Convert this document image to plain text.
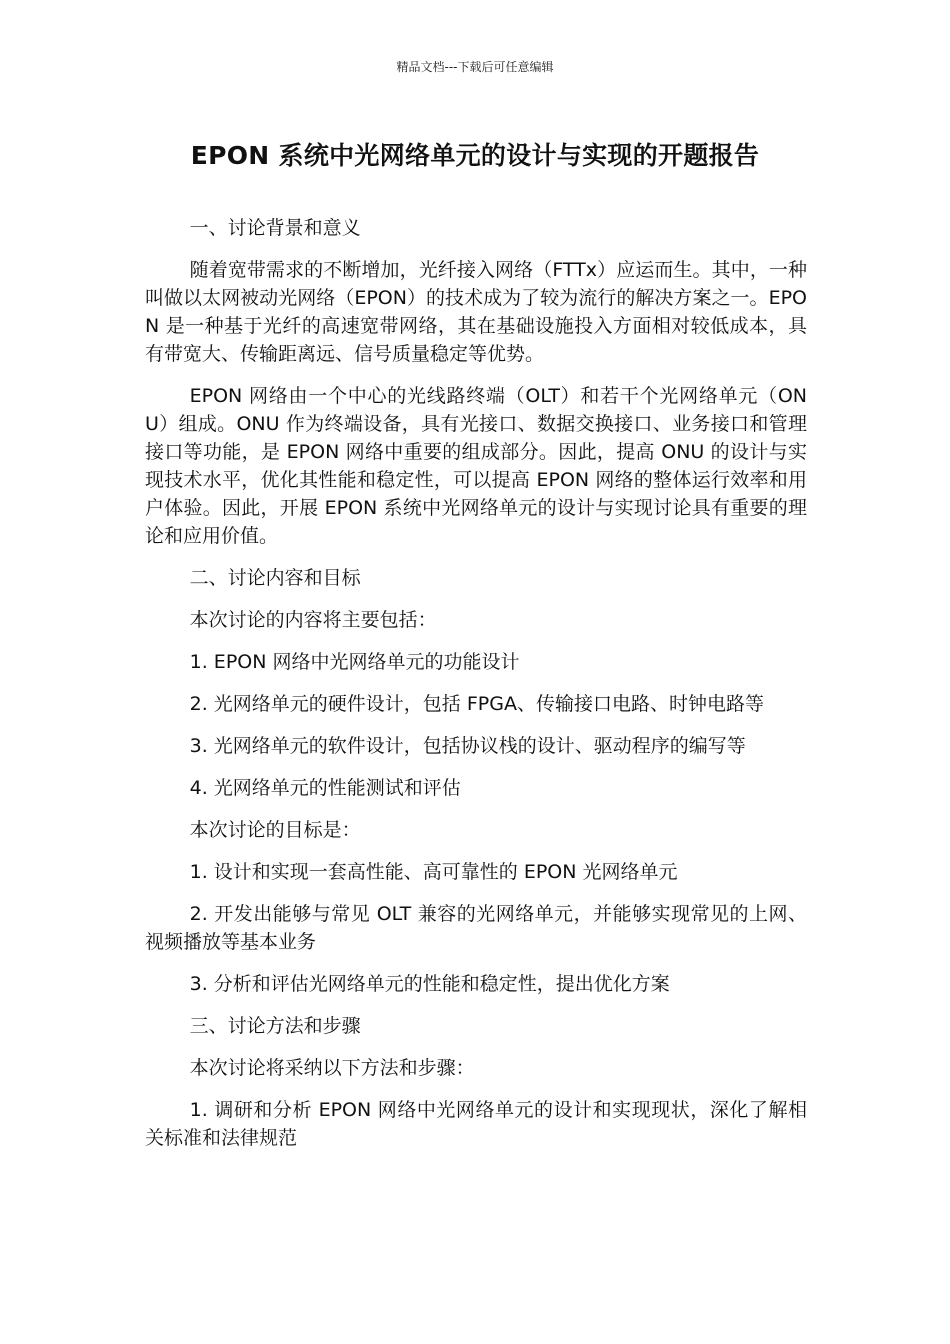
精品文档---下载后可任意编辑
EPON 系统中光网络单元的设计与实现的开题报告

一、讨论背景和意义

随着宽带需求的不断增加，光纤接入网络（FTTx）应运而生。其中，一种叫做以太网被动光网络（EPON）的技术成为了较为流行的解决方案之一。EPON 是一种基于光纤的高速宽带网络，其在基础设施投入方面相对较低成本，具有带宽大、传输距离远、信号质量稳定等优势。

EPON 网络由一个中心的光线路终端（OLT）和若干个光网络单元（ONU）组成。ONU 作为终端设备，具有光接口、数据交换接口、业务接口和管理接口等功能，是 EPON 网络中重要的组成部分。因此，提高 ONU 的设计与实现技术水平，优化其性能和稳定性，可以提高 EPON 网络的整体运行效率和用户体验。因此，开展 EPON 系统中光网络单元的设计与实现讨论具有重要的理论和应用价值。

二、讨论内容和目标

本次讨论的内容将主要包括：

1. EPON 网络中光网络单元的功能设计

2. 光网络单元的硬件设计，包括 FPGA、传输接口电路、时钟电路等

3. 光网络单元的软件设计，包括协议栈的设计、驱动程序的编写等

4. 光网络单元的性能测试和评估

本次讨论的目标是：

1. 设计和实现一套高性能、高可靠性的 EPON 光网络单元

2. 开发出能够与常见 OLT 兼容的光网络单元，并能够实现常见的上网、视频播放等基本业务

3. 分析和评估光网络单元的性能和稳定性，提出优化方案

三、讨论方法和步骤

本次讨论将采纳以下方法和步骤：

1. 调研和分析 EPON 网络中光网络单元的设计和实现现状，深化了解相关标准和法律规范
